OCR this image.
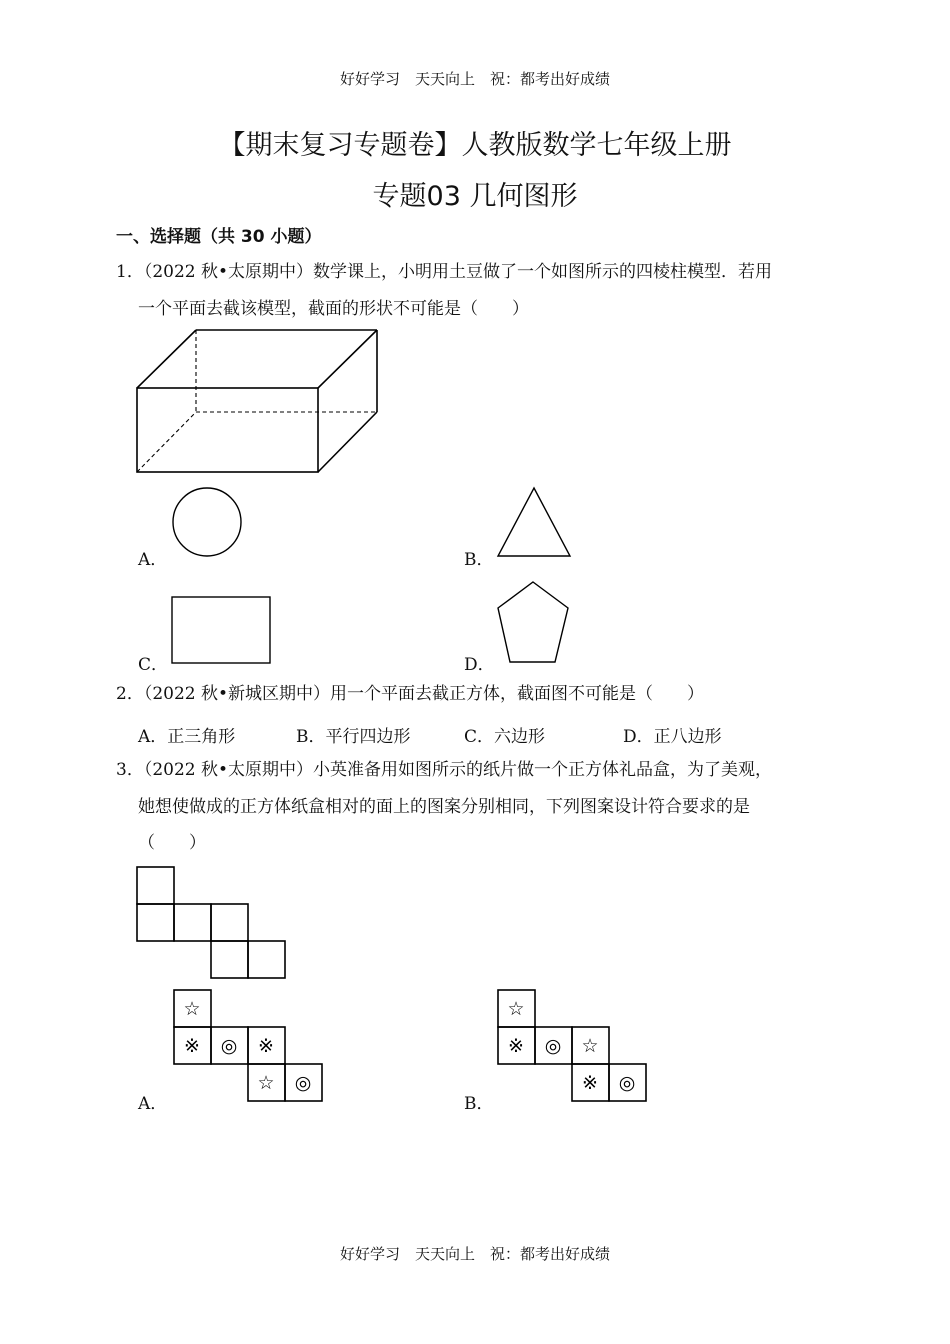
好好学习　天天向上　祝：都考出好成绩
【期末复习专题卷】人教版数学七年级上册
专题03 几何图形
一、选择题（共 30 小题）
1．（2022 秋•太原期中）数学课上，小明用土豆做了一个如图所示的四棱柱模型．若用
一个平面去截该模型，截面的形状不可能是（　　）
☆
※ ◎ ※
☆ ◎
☆
※ ◎ ☆
※ ◎
A．	B．
C．	D．
2．（2022 秋•新城区期中）用一个平面去截正方体，截面图不可能是（　　）
A．正三角形	B．平行四边形	C．六边形	D．正八边形
3．（2022 秋•太原期中）小英准备用如图所示的纸片做一个正方体礼品盒，为了美观，
她想使做成的正方体纸盒相对的面上的图案分别相同，下列图案设计符合要求的是
（　　）
A．	B．
好好学习　天天向上　祝：都考出好成绩
